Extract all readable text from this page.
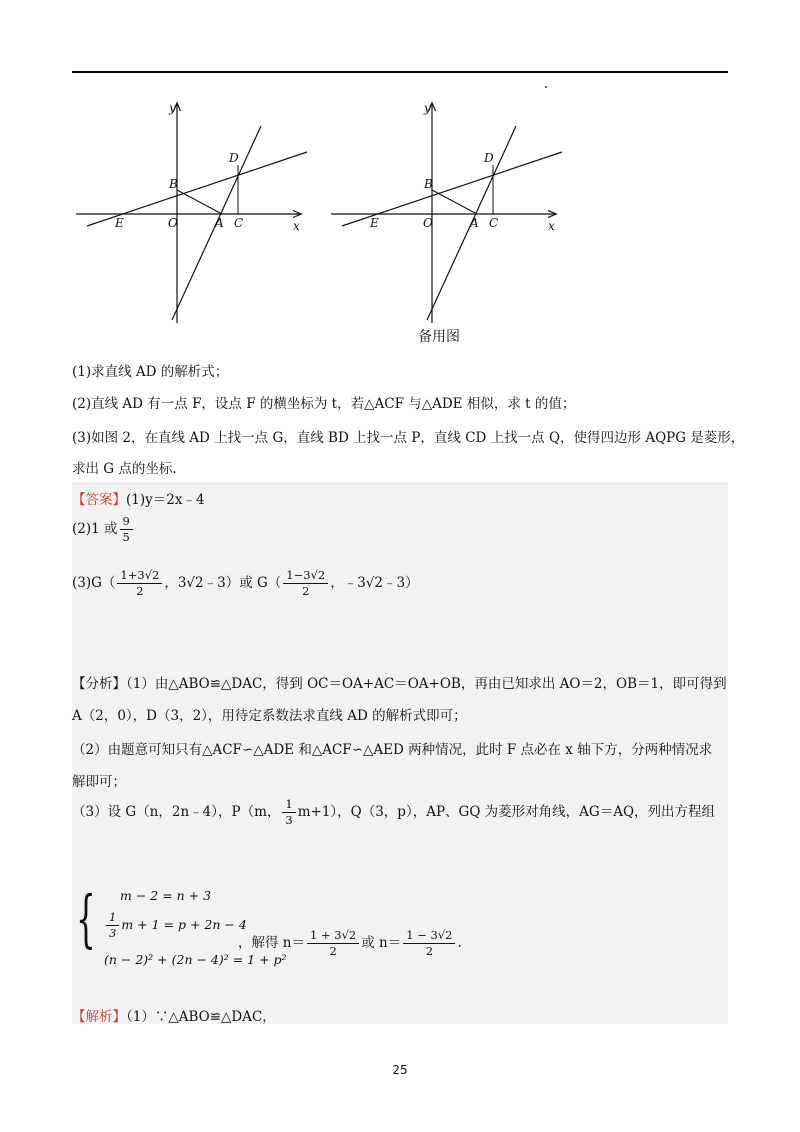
y
x
B
D
E	O	A C
y
x
B
D
E	O	A C
备用图
(1)求直线 AD 的解析式；
(2)直线 AD 有一点 F，设点 F 的横坐标为 t，若△ACF 与△ADE 相似，求 t 的值；
(3)如图 2，在直线 AD 上找一点 G，直线 BD 上找一点 P，直线 CD 上找一点 Q，使得四边形 AQPG 是菱形，
求出 G 点的坐标.
【答案】(1)y＝2x﹣4
(2)1 或 $\frac{9}{5}$
$(3)G( \frac{1+3√2}{2}$ ，3√2﹣3）或 $G( \frac{1-3√2}{2}$ ，﹣3√2﹣3）
【分析】（1）由△ABO≌△DAC，得到 OC＝OA+AC＝OA+OB，再由已知求出 AO＝2，OB＝1，即可得到
A（2，0），D（3，2），用待定系数法求直线 AD 的解析式即可；
（2）由题意可知只有△ACF∽△ADE 和△ACF∽△AED 两种情况，此时 F 点必在 x 轴下方，分两种情况求
解即可；
（3）设 G（n，2n﹣4），P（m， $\frac{1}{3} m+1$），Q（3，p），AP、GQ 为菱形对角线，AG＝AQ，列出方程组
{ m − 2 = n + 3
$\frac{1}{3}$ m + 1 = p + 2n − 4
(n − 2)² + (2n − 4)² = 1 + p²
，解得 $n= \frac{1 + 3√2}{2}$ 或 $n= \frac{1 - 3√2}{2}$ .
【解析】（1）∵△ABO≌△DAC，
25
